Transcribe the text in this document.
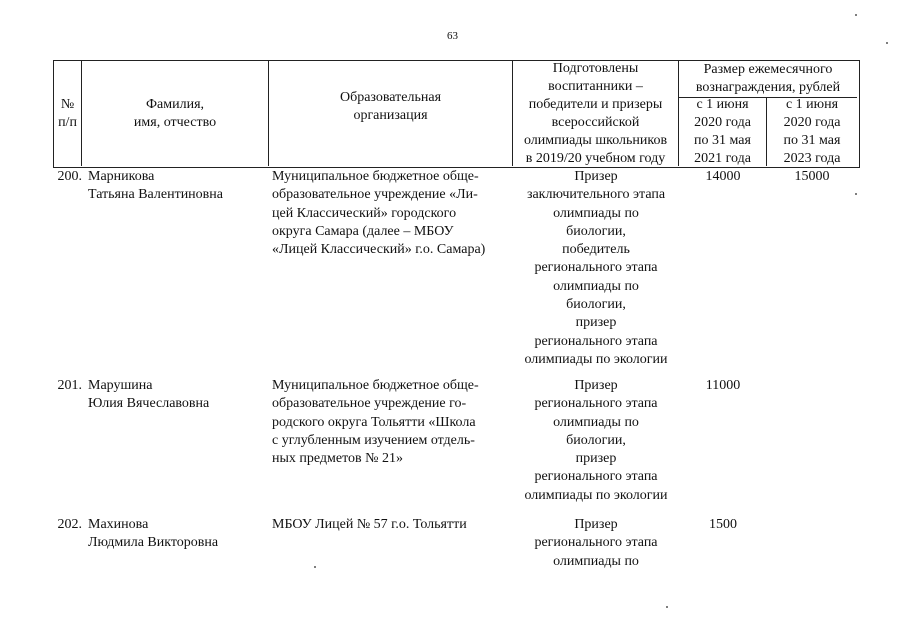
63
№
п/п
Фамилия,
имя, отчество
Образовательная
организация
Подготовлены
воспитанники –
победители и призеры
всероссийской
олимпиады школьников
в 2019/20 учебном году
Размер ежемесячного
вознаграждения, рублей
с 1 июня
2020 года
по 31 мая
2021 года
с 1 июня
2020 года
по 31 мая
2023 года
200. Марникова
Татьяна Валентиновна
Муниципальное бюджетное обще-
образовательное учреждение «Ли-
цей Классический» городского
округа Самара (далее – МБОУ
«Лицей Классический» г.о. Самара)
Призер
заключительного этапа
олимпиады по
биологии,
победитель
регионального этапа
олимпиады по
биологии,
призер
регионального этапа
олимпиады по экологии
14000	15000
201. Марушина
Юлия Вячеславовна
Муниципальное бюджетное обще-
образовательное учреждение го-
родского округа Тольятти «Школа
с углубленным изучением отдель-
ных предметов № 21»
Призер
регионального этапа
олимпиады по
биологии,
призер
регионального этапа
олимпиады по экологии
11000
202. Махинова
Людмила Викторовна
МБОУ Лицей № 57 г.о. Тольятти	Призер
регионального этапа
олимпиады по
1500
